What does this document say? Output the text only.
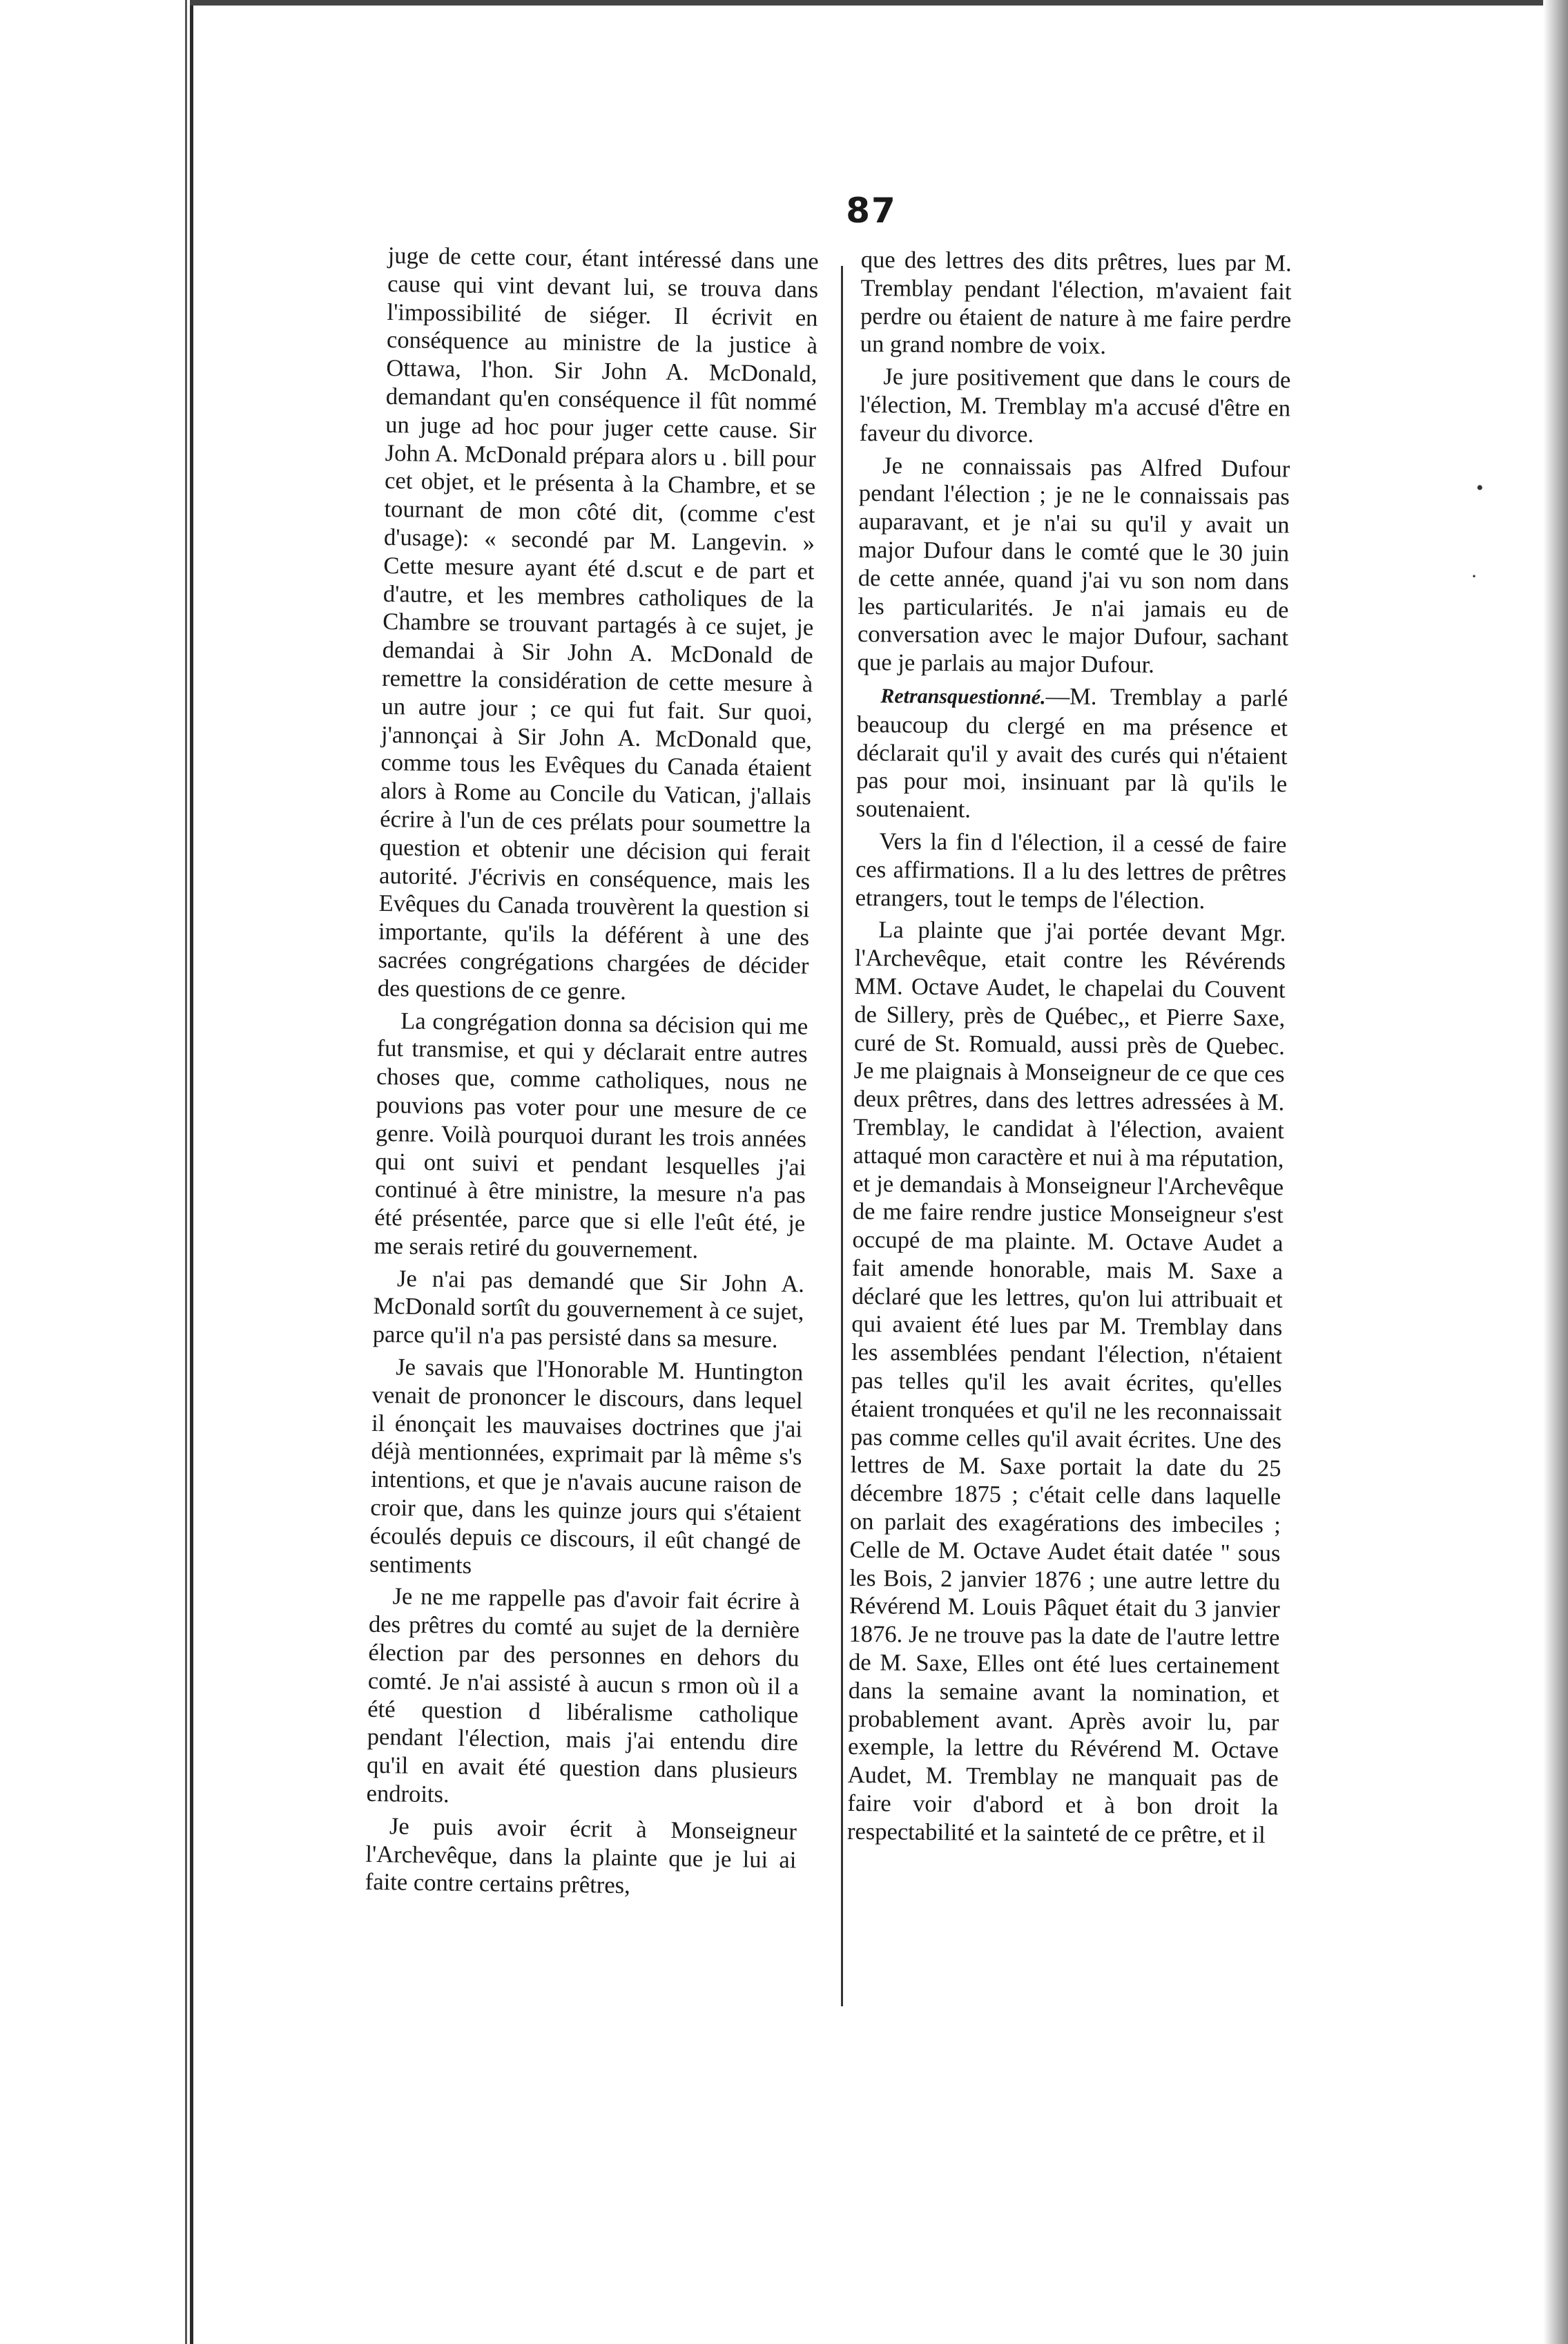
87

juge de cette cour, étant intéressé dans une cause qui vint devant lui, se trouva dans l'impossibilité de siéger. Il écrivit en conséquence au ministre de la justice à Ottawa, l'hon. Sir John A. McDonald, demandant qu'en conséquence il fût nommé un juge ad hoc pour juger cette cause. Sir John A. McDonald prépara alors u . bill pour cet objet, et le présenta à la Chambre, et se tournant de mon côté dit, (comme c'est d'usage): « secondé par M. Langevin. » Cette mesure ayant été d.scut e de part et d'autre, et les membres catholiques de la Chambre se trouvant partagés à ce sujet, je demandai à Sir John A. McDonald de remettre la considération de cette mesure à un autre jour ; ce qui fut fait. Sur quoi, j'annonçai à Sir John A. McDonald que, comme tous les Evêques du Canada étaient alors à Rome au Concile du Vatican, j'allais écrire à l'un de ces prélats pour soumettre la question et obtenir une décision qui ferait autorité. J'écrivis en conséquence, mais les Evêques du Canada trouvèrent la question si importante, qu'ils la déférent à une des sacrées congrégations chargées de décider des questions de ce genre.

La congrégation donna sa décision qui me fut transmise, et qui y déclarait entre autres choses que, comme catholiques, nous ne pouvions pas voter pour une mesure de ce genre. Voilà pourquoi durant les trois années qui ont suivi et pendant lesquelles j'ai continué à être ministre, la mesure n'a pas été présentée, parce que si elle l'eût été, je me serais retiré du gouvernement.

Je n'ai pas demandé que Sir John A. McDonald sortît du gouvernement à ce sujet, parce qu'il n'a pas persisté dans sa mesure.

Je savais que l'Honorable M. Huntington venait de prononcer le discours, dans lequel il énonçait les mauvaises doctrines que j'ai déjà mentionnées, exprimait par là même s's intentions, et que je n'avais aucune raison de croir que, dans les quinze jours qui s'étaient écoulés depuis ce discours, il eût changé de sentiments

Je ne me rappelle pas d'avoir fait écrire à des prêtres du comté au sujet de la dernière élection par des personnes en dehors du comté. Je n'ai assisté à aucun s rmon où il a été question d libéralisme catholique pendant l'élection, mais j'ai entendu dire qu'il en avait été question dans plusieurs endroits.

Je puis avoir écrit à Monseigneur l'Archevêque, dans la plainte que je lui ai faite contre certains prêtres,

que des lettres des dits prêtres, lues par M. Tremblay pendant l'élection, m'avaient fait perdre ou étaient de nature à me faire perdre un grand nombre de voix.

Je jure positivement que dans le cours de l'élection, M. Tremblay m'a accusé d'être en faveur du divorce.

Je ne connaissais pas Alfred Dufour pendant l'élection ; je ne le connaissais pas auparavant, et je n'ai su qu'il y avait un major Dufour dans le comté que le 30 juin de cette année, quand j'ai vu son nom dans les particularités. Je n'ai jamais eu de conversation avec le major Dufour, sachant que je parlais au major Dufour.

Retransquestionné.—M. Tremblay a parlé beaucoup du clergé en ma présence et déclarait qu'il y avait des curés qui n'étaient pas pour moi, insinuant par là qu'ils le soutenaient.

Vers la fin d l'élection, il a cessé de faire ces affirmations. Il a lu des lettres de prêtres etrangers, tout le temps de l'élection.

La plainte que j'ai portée devant Mgr. l'Archevêque, etait contre les Révérends MM. Octave Audet, le chapelai du Couvent de Sillery, près de Québec,, et Pierre Saxe, curé de St. Romuald, aussi près de Quebec. Je me plaignais à Monseigneur de ce que ces deux prêtres, dans des lettres adressées à M. Tremblay, le candidat à l'élection, avaient attaqué mon caractère et nui à ma réputation, et je demandais à Monseigneur l'Archevêque de me faire rendre justice Monseigneur s'est occupé de ma plainte. M. Octave Audet a fait amende honorable, mais M. Saxe a déclaré que les lettres, qu'on lui attribuait et qui avaient été lues par M. Tremblay dans les assemblées pendant l'élection, n'étaient pas telles qu'il les avait écrites, qu'elles étaient tronquées et qu'il ne les reconnaissait pas comme celles qu'il avait écrites. Une des lettres de M. Saxe portait la date du 25 décembre 1875 ; c'était celle dans laquelle on parlait des exagérations des imbeciles ; Celle de M. Octave Audet était datée " sous les Bois, 2 janvier 1876 ; une autre lettre du Révérend M. Louis Pâquet était du 3 janvier 1876. Je ne trouve pas la date de l'autre lettre de M. Saxe, Elles ont été lues certainement dans la semaine avant la nomination, et probablement avant. Après avoir lu, par exemple, la lettre du Révérend M. Octave Audet, M. Tremblay ne manquait pas de faire voir d'abord et à bon droit la respectabilité et la sainteté de ce prêtre, et il

•
·
